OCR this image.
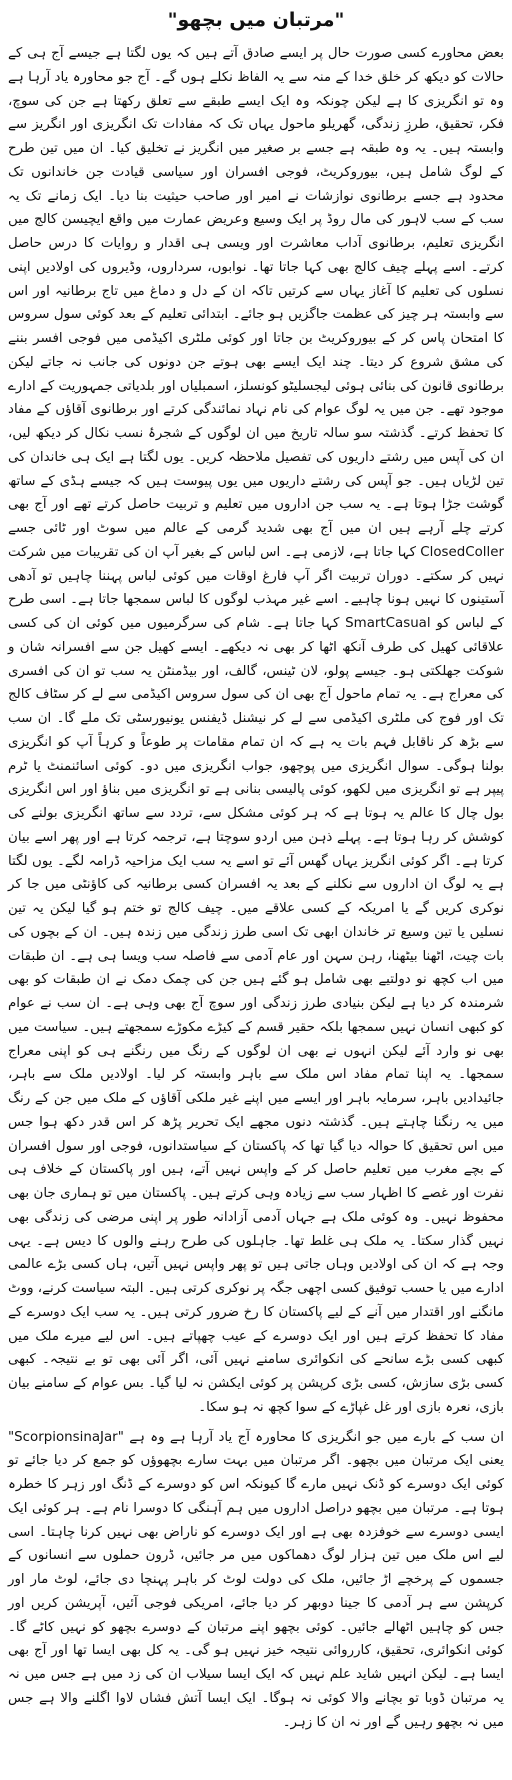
"مرتبان میں بچھو"

بعض محاورے کسی صورت حال پر ایسے صادق آتے ہیں کہ یوں لگتا ہے جیسے آج ہی کے حالات کو دیکھ کر خلق خدا کے منہ سے یہ الفاظ نکلے ہوں گے۔ آج جو محاورہ یاد آرہا ہے وہ تو انگریزی کا ہے لیکن چونکہ وہ ایک ایسے طبقے سے تعلق رکھتا ہے جن کی سوچ، فکر، تحقیق، طرزِ زندگی، گھریلو ماحول یہاں تک کہ مفادات تک انگریزی اور انگریز سے وابستہ ہیں۔ یہ وہ طبقہ ہے جسے بر صغیر میں انگریز نے تخلیق کیا۔ ان میں تین طرح کے لوگ شامل ہیں، بیوروکریٹ، فوجی افسران اور سیاسی قیادت جن خاندانوں تک محدود ہے جسے برطانوی نوازشات نے امیر اور صاحب حیثیت بنا دیا۔ ایک زمانے تک یہ سب کے سب لاہور کی مال روڈ پر ایک وسیع وعریض عمارت میں واقع ایچیسن کالج میں انگریزی تعلیم، برطانوی آداب معاشرت اور ویسی ہی اقدار و روایات کا درس حاصل کرتے۔ اسے پہلے چیف کالج بھی کہا جاتا تھا۔ نوابوں، سرداروں، وڈیروں کی اولادیں اپنی نسلوں کی تعلیم کا آغاز یہاں سے کرتیں تاکہ ان کے دل و دماغ میں تاج برطانیہ اور اس سے وابستہ ہر چیز کی عظمت جاگزیں ہو جائے۔ ابتدائی تعلیم کے بعد کوئی سول سروس کا امتحان پاس کر کے بیوروکریٹ بن جاتا اور کوئی ملٹری اکیڈمی میں فوجی افسر بننے کی مشق شروع کر دیتا۔ چند ایک ایسے بھی ہوتے جن دونوں کی جانب نہ جاتے لیکن برطانوی قانون کی بنائی ہوئی لیجسلیٹو کونسلز، اسمبلیاں اور بلدیاتی جمہوریت کے ادارے موجود تھے۔ جن میں یہ لوگ عوام کی نام نہاد نمائندگی کرتے اور برطانوی آقاؤں کے مفاد کا تحفظ کرتے۔ گذشتہ سو سالہ تاریخ میں ان لوگوں کے شجرۂ نسب نکال کر دیکھ لیں، ان کی آپس میں رشتے داریوں کی تفصیل ملاحظہ کریں۔ یوں لگتا ہے ایک ہی خاندان کی تین لڑیاں ہیں۔ جو آپس کی رشتے داریوں میں یوں پیوست ہیں کہ جیسے ہڈی کے ساتھ گوشت جڑا ہوتا ہے۔ یہ سب جن اداروں میں تعلیم و تربیت حاصل کرتے تھے اور آج بھی کرتے چلے آرہے ہیں ان میں آج بھی شدید گرمی کے عالم میں سوٹ اور ٹائی جسے ClosedColler کہا جاتا ہے، لازمی ہے۔ اس لباس کے بغیر آپ ان کی تقریبات میں شرکت نہیں کر سکتے۔ دوران تربیت اگر آپ فارغ اوقات میں کوئی لباس پہننا چاہیں تو آدھی آستینوں کا نہیں ہونا چاہیے۔ اسے غیر مہذب لوگوں کا لباس سمجھا جاتا ہے۔ اسی طرح کے لباس کو SmartCasual کہا جاتا ہے۔ شام کی سرگرمیوں میں کوئی ان کی کسی علاقائی کھیل کی طرف آنکھ اٹھا کر بھی نہ دیکھے۔ ایسے کھیل جن سے افسرانہ شان و شوکت جھلکتی ہو۔ جیسے پولو، لان ٹینس، گالف، اور بیڈمنٹن یہ سب تو ان کی افسری کی معراج ہے۔ یہ تمام ماحول آج بھی ان کی سول سروس اکیڈمی سے لے کر سٹاف کالج تک اور فوج کی ملٹری اکیڈمی سے لے کر نیشنل ڈیفنس یونیورسٹی تک ملے گا۔ ان سب سے بڑھ کر ناقابل فہم بات یہ ہے کہ ان تمام مقامات پر طوعاً و کرہاً آپ کو انگریزی بولنا ہوگی۔ سوال انگریزی میں پوچھو، جواب انگریزی میں دو۔ کوئی اسائنمنٹ یا ٹرم پیپر ہے تو انگریزی میں لکھو، کوئی پالیسی بنانی ہے تو انگریزی میں بناؤ اور اس انگریزی بول چال کا عالم یہ ہوتا ہے کہ ہر کوئی مشکل سے، تردد سے ساتھ انگریزی بولنے کی کوشش کر رہا ہوتا ہے۔ پہلے ذہن میں اردو سوچتا ہے، ترجمہ کرتا ہے اور پھر اسے بیان کرتا ہے۔ اگر کوئی انگریز یہاں گھس آئے تو اسے یہ سب ایک مزاحیہ ڈرامہ لگے۔ یوں لگتا ہے یہ لوگ ان اداروں سے نکلنے کے بعد یہ افسران کسی برطانیہ کی کاؤنٹی میں جا کر نوکری کریں گے یا امریکہ کے کسی علاقے میں۔ چیف کالج تو ختم ہو گیا لیکن یہ تین نسلیں یا تین وسیع تر خاندان ابھی تک اسی طرز زندگی میں زندہ ہیں۔ ان کے بچوں کی بات چیت، اٹھنا بیٹھنا، رہن سہن اور عام آدمی سے فاصلہ سب ویسا ہی ہے۔ ان طبقات میں اب کچھ نو دولتیے بھی شامل ہو گئے ہیں جن کی چمک دمک نے ان طبقات کو بھی شرمندہ کر دیا ہے لیکن بنیادی طرز زندگی اور سوچ آج بھی وہی ہے۔ ان سب نے عوام کو کبھی انسان نہیں سمجھا بلکہ حقیر قسم کے کیڑے مکوڑے سمجھتے ہیں۔ سیاست میں بھی نو وارد آئے لیکن انہوں نے بھی ان لوگوں کے رنگ میں رنگنے ہی کو اپنی معراج سمجھا۔ یہ اپنا تمام مفاد اس ملک سے باہر وابستہ کر لیا۔ اولادیں ملک سے باہر، جائیدادیں باہر، سرمایہ باہر اور ایسے میں اپنے غیر ملکی آقاؤں کے ملک میں جن کے رنگ میں یہ رنگنا چاہتے ہیں۔ گذشتہ دنوں مجھے ایک تحریر پڑھ کر اس قدر دکھ ہوا جس میں اس تحقیق کا حوالہ دیا گیا تھا کہ پاکستان کے سیاستدانوں، فوجی اور سول افسران کے بچے مغرب میں تعلیم حاصل کر کے واپس نہیں آتے، ہیں اور پاکستان کے خلاف ہی نفرت اور غصے کا اظہار سب سے زیادہ وہی کرتے ہیں۔ پاکستان میں تو ہماری جان بھی محفوظ نہیں۔ وہ کوئی ملک ہے جہاں آدمی آزادانہ طور پر اپنی مرضی کی زندگی بھی نہیں گذار سکتا۔ یہ ملک ہی غلط تھا۔ جاہلوں کی طرح رہنے والوں کا دیس ہے۔ یہی وجہ ہے کہ ان کی اولادیں وہاں جاتی ہیں تو پھر واپس نہیں آتیں، ہاں کسی بڑے عالمی ادارے میں یا حسب توفیق کسی اچھی جگہ پر نوکری کرتی ہیں۔ البتہ سیاست کرنے، ووٹ مانگنے اور اقتدار میں آنے کے لیے پاکستان کا رخ ضرور کرتی ہیں۔ یہ سب ایک دوسرے کے مفاد کا تحفظ کرتے ہیں اور ایک دوسرے کے عیب چھپاتے ہیں۔ اس لیے میرے ملک میں کبھی کسی بڑے سانحے کی انکوائری سامنے نہیں آئی، اگر آئی بھی تو بے نتیجہ۔ کبھی کسی بڑی سازش، کسی بڑی کرپشن پر کوئی ایکشن نہ لیا گیا۔ بس عوام کے سامنے بیان بازی، نعرہ بازی اور غل غپاڑے کے سوا کچھ نہ ہو سکا۔

ان سب کے بارے میں جو انگریزی کا محاورہ آج یاد آرہا ہے وہ ہے "ScorpionsinaJar" یعنی ایک مرتبان میں بچھو۔ اگر مرتبان میں بہت سارے بچھوؤں کو جمع کر دیا جائے تو کوئی ایک دوسرے کو ڈنک نہیں مارے گا کیونکہ اس کو دوسرے کے ڈنگ اور زہر کا خطرہ ہوتا ہے۔ مرتبان میں بچھو دراصل اداروں میں ہم آہنگی کا دوسرا نام ہے۔ ہر کوئی ایک ایسی دوسرے سے خوفزدہ بھی ہے اور ایک دوسرے کو ناراض بھی نہیں کرنا چاہتا۔ اسی لیے اس ملک میں تین ہزار لوگ دھماکوں میں مر جائیں، ڈرون حملوں سے انسانوں کے جسموں کے پرخچے اڑ جائیں، ملک کی دولت لوٹ کر باہر پہنچا دی جائے، لوٹ مار اور کرپشن سے ہر آدمی کا جینا دوبھر کر دیا جائے، امریکی فوجی آئیں، آپریشن کریں اور جس کو چاہیں اٹھالے جائیں۔ کوئی بچھو اپنے مرتبان کے دوسرے بچھو کو نہیں کاٹے گا۔ کوئی انکوائری، تحقیق، کارروائی نتیجہ خیز نہیں ہو گی۔ یہ کل بھی ایسا تھا اور آج بھی ایسا ہے۔ لیکن انہیں شاید علم نہیں کہ ایک ایسا سیلاب ان کی زد میں ہے جس میں نہ یہ مرتبان ڈوبا تو بچانے والا کوئی نہ ہوگا۔ ایک ایسا آتش فشاں لاوا اگلنے والا ہے جس میں نہ بچھو رہیں گے اور نہ ان کا زہر۔
